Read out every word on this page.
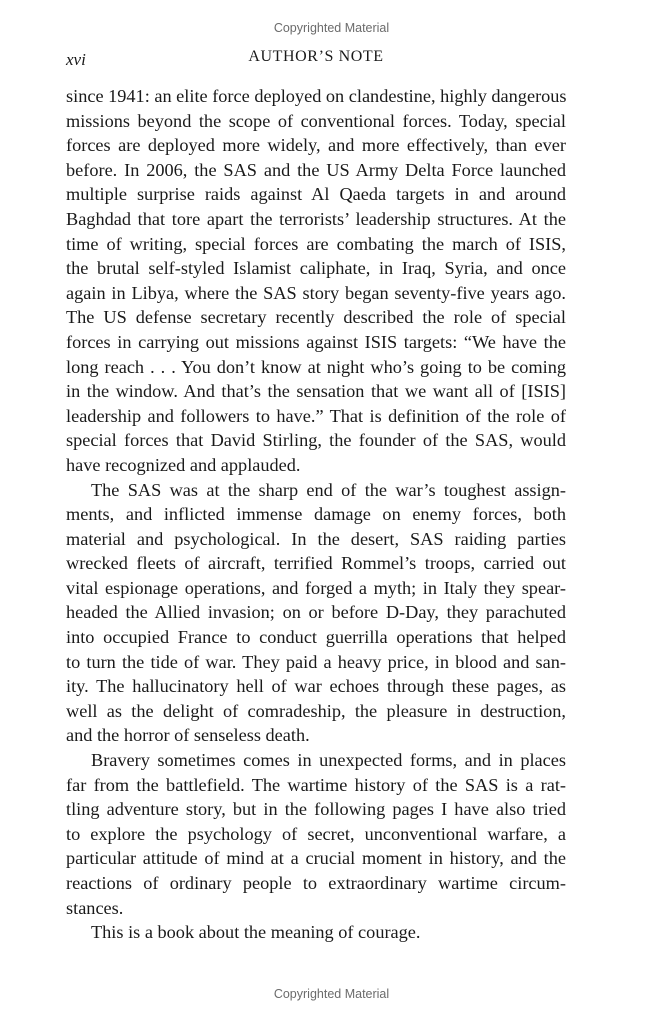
Copyrighted Material
xvi	AUTHOR’S NOTE
since 1941: an elite force deployed on clandestine, highly dangerous
missions beyond the scope of conventional forces. Today, special
forces are deployed more widely, and more effectively, than ever
before. In 2006, the SAS and the US Army Delta Force launched
multiple surprise raids against Al Qaeda targets in and around
Baghdad that tore apart the terrorists’ leadership structures. At the
time of writing, special forces are combating the march of ISIS,
the brutal self-styled Islamist caliphate, in Iraq, Syria, and once
again in Libya, where the SAS story began seventy-five years ago.
The US defense secretary recently described the role of special
forces in carrying out missions against ISIS targets: “We have the
long reach . . . You don’t know at night who’s going to be coming
in the window. And that’s the sensation that we want all of [ISIS]
leadership and followers to have.” That is definition of the role of
special forces that David Stirling, the founder of the SAS, would
have recognized and applauded.
The SAS was at the sharp end of the war’s toughest assign-
ments, and inflicted immense damage on enemy forces, both
material and psychological. In the desert, SAS raiding parties
wrecked fleets of aircraft, terrified Rommel’s troops, carried out
vital espionage operations, and forged a myth; in Italy they spear-
headed the Allied invasion; on or before D-Day, they parachuted
into occupied France to conduct guerrilla operations that helped
to turn the tide of war. They paid a heavy price, in blood and san-
ity. The hallucinatory hell of war echoes through these pages, as
well as the delight of comradeship, the pleasure in destruction,
and the horror of senseless death.
Bravery sometimes comes in unexpected forms, and in places
far from the battlefield. The wartime history of the SAS is a rat-
tling adventure story, but in the following pages I have also tried
to explore the psychology of secret, unconventional warfare, a
particular attitude of mind at a crucial moment in history, and the
reactions of ordinary people to extraordinary wartime circum-
stances.
This is a book about the meaning of courage.
Copyrighted Material
